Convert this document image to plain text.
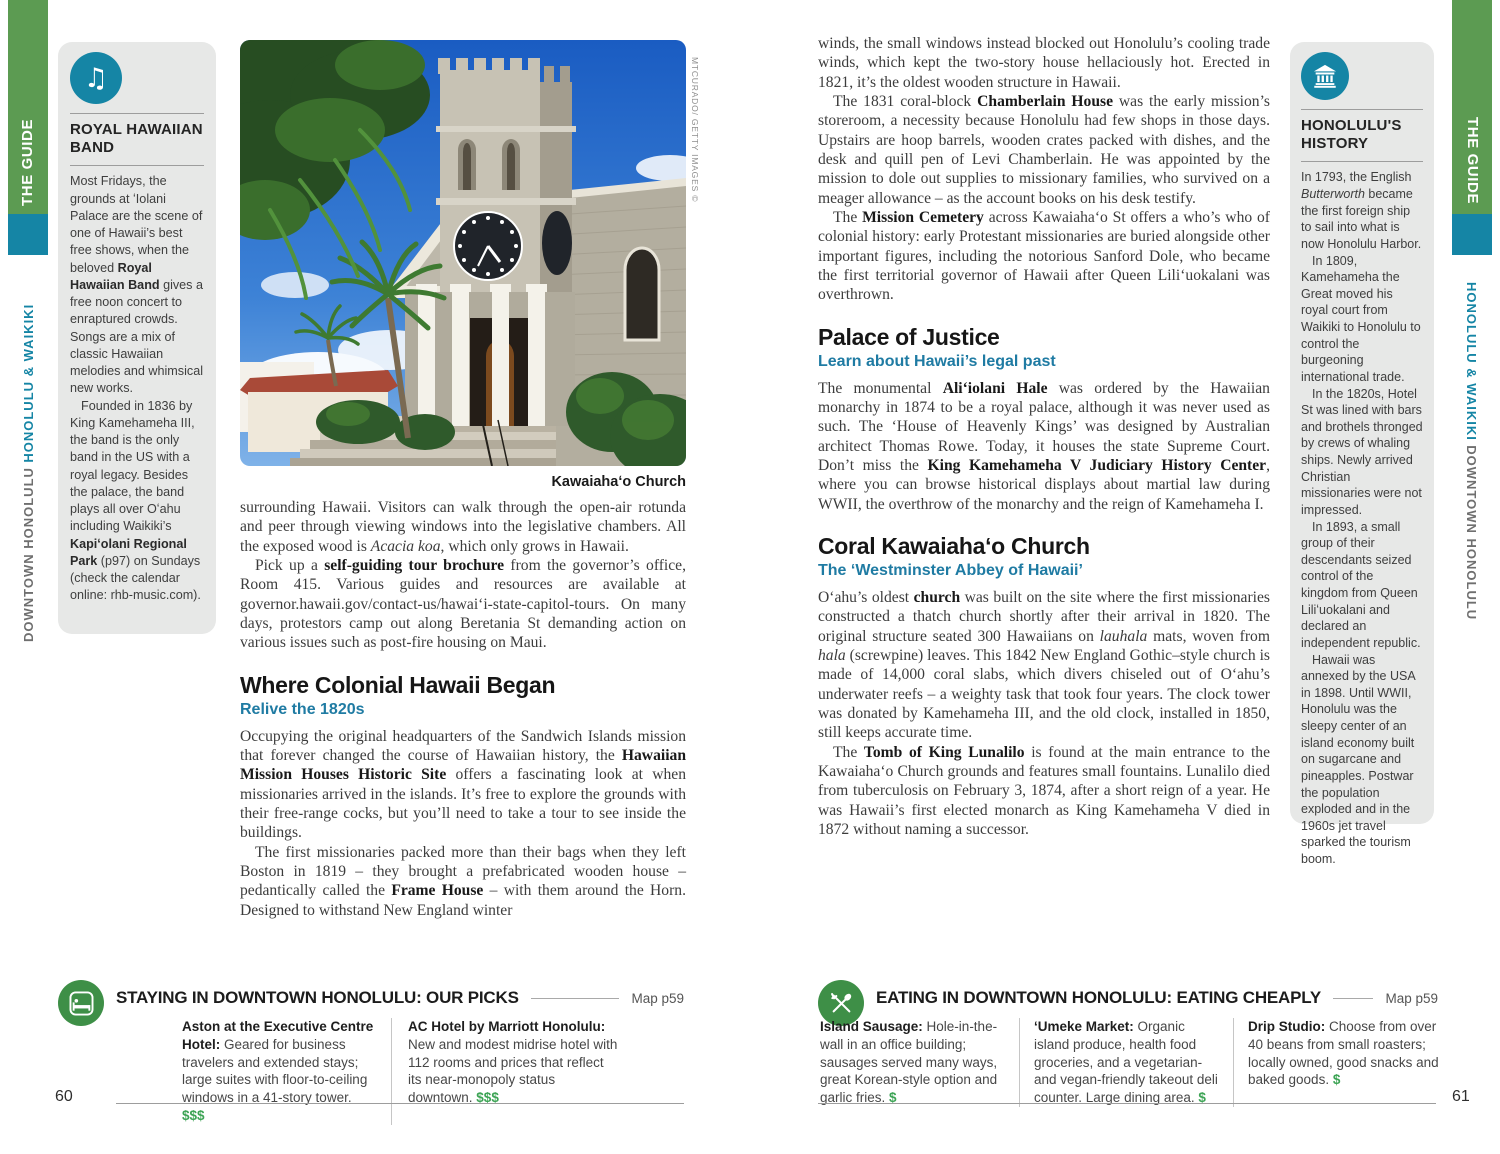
THE GUIDE
DOWNTOWN HONOLULU HONOLULU & WAIKIKI
THE GUIDE
HONOLULU & WAIKIKI DOWNTOWN HONOLULU
♫
ROYAL HAWAIIAN BAND

Most Fridays, the grounds at ʻIolani Palace are the scene of one of Hawaii’s best free shows, when the beloved Royal Hawaiian Band gives a free noon concert to enraptured crowds. Songs are a mix of classic Hawaiian melodies and whimsical new works.

Founded in 1836 by King Kamehameha III, the band is the only band in the US with a royal legacy. Besides the palace, the band plays all over Oʻahu including Waikiki’s Kapiʻolani Regional Park (p97) on Sundays (check the calendar online: rhb-music.com).

MTCURADO/ GETTY IMAGES ©
Kawaiahaʻo Church

surrounding Hawaii. Visitors can walk through the open-air rotunda and peer through viewing windows into the legislative chambers. All the exposed wood is Acacia koa, which only grows in Hawaii.

Pick up a self-guiding tour brochure from the governor’s office, Room 415. Various guides and resources are available at governor.hawaii.gov/contact-us/hawaiʻi-state-capitol-tours. On many days, protestors camp out along Beretania St demanding action on various issues such as post-fire housing on Maui.

Where Colonial Hawaii Began
Relive the 1820s

Occupying the original headquarters of the Sandwich Islands mission that forever changed the course of Hawaiian history, the Hawaiian Mission Houses Historic Site offers a fascinating look at when missionaries arrived in the islands. It’s free to explore the grounds with their free-range cocks, but you’ll need to take a tour to see inside the buildings.

The first missionaries packed more than their bags when they left Boston in 1819 – they brought a prefabricated wooden house – pedantically called the Frame House – with them around the Horn. Designed to withstand New England winter

winds, the small windows instead blocked out Honolulu’s cooling trade winds, which kept the two-story house hellaciously hot. Erected in 1821, it’s the oldest wooden structure in Hawaii.

The 1831 coral-block Chamberlain House was the early mission’s storeroom, a necessity because Honolulu had few shops in those days. Upstairs are hoop barrels, wooden crates packed with dishes, and the desk and quill pen of Levi Chamberlain. He was appointed by the mission to dole out supplies to missionary families, who survived on a meager allowance – as the account books on his desk testify.

The Mission Cemetery across Kawaiahaʻo St offers a who’s who of colonial history: early Protestant missionaries are buried alongside other important figures, including the notorious Sanford Dole, who became the first territorial governor of Hawaii after Queen Liliʻuokalani was overthrown.

Palace of Justice
Learn about Hawaii’s legal past

The monumental Aliʻiolani Hale was ordered by the Hawaiian monarchy in 1874 to be a royal palace, although it was never used as such. The ‘House of Heavenly Kings’ was designed by Australian architect Thomas Rowe. Today, it houses the state Supreme Court. Don’t miss the King Kamehameha V Judiciary History Center, where you can browse historical displays about martial law during WWII, the overthrow of the monarchy and the reign of Kamehameha I.

Coral Kawaiahaʻo Church
The ‘Westminster Abbey of Hawaii’

Oʻahu’s oldest church was built on the site where the first missionaries constructed a thatch church shortly after their arrival in 1820. The original structure seated 300 Hawaiians on lauhala mats, woven from hala (screwpine) leaves. This 1842 New England Gothic–style church is made of 14,000 coral slabs, which divers chiseled out of Oʻahu’s underwater reefs – a weighty task that took four years. The clock tower was donated by Kamehameha III, and the old clock, installed in 1850, still keeps accurate time.

The Tomb of King Lunalilo is found at the main entrance to the Kawaiahaʻo Church grounds and features small fountains. Lunalilo died from tuberculosis on February 3, 1874, after a short reign of a year. He was Hawaii’s first elected monarch as King Kamehameha V died in 1872 without naming a successor.

HONOLULU'S HISTORY

In 1793, the English Butterworth became the first foreign ship to sail into what is now Honolulu Harbor.

In 1809, Kamehameha the Great moved his royal court from Waikiki to Honolulu to control the burgeoning international trade.

In the 1820s, Hotel St was lined with bars and brothels thronged by crews of whaling ships. Newly arrived Christian missionaries were not impressed.

In 1893, a small group of their descendants seized control of the kingdom from Queen Liliʻuokalani and declared an independent republic.

Hawaii was annexed by the USA in 1898. Until WWII, Honolulu was the sleepy center of an island economy built on sugarcane and pineapples. Postwar the population exploded and in the 1960s jet travel sparked the tourism boom.

STAYING IN DOWNTOWN HONOLULU: OUR PICKS	Map p59
Aston at the Executive Centre Hotel: Geared for business travelers and extended stays; large suites with floor-to-ceiling windows in a 41-story tower. $$$
AC Hotel by Marriott Honolulu: New and modest midrise hotel with 112 rooms and prices that reflect its near-monopoly status downtown. $$$
60
EATING IN DOWNTOWN HONOLULU: EATING CHEAPLY	Map p59
Island Sausage: Hole-in-the-wall in an office building; sausages served many ways, great Korean-style option and garlic fries. $
ʻUmeke Market: Organic island produce, health food groceries, and a vegetarian- and vegan-friendly takeout deli counter. Large dining area. $
Drip Studio: Choose from over 40 beans from small roasters; locally owned, good snacks and baked goods. $
61
